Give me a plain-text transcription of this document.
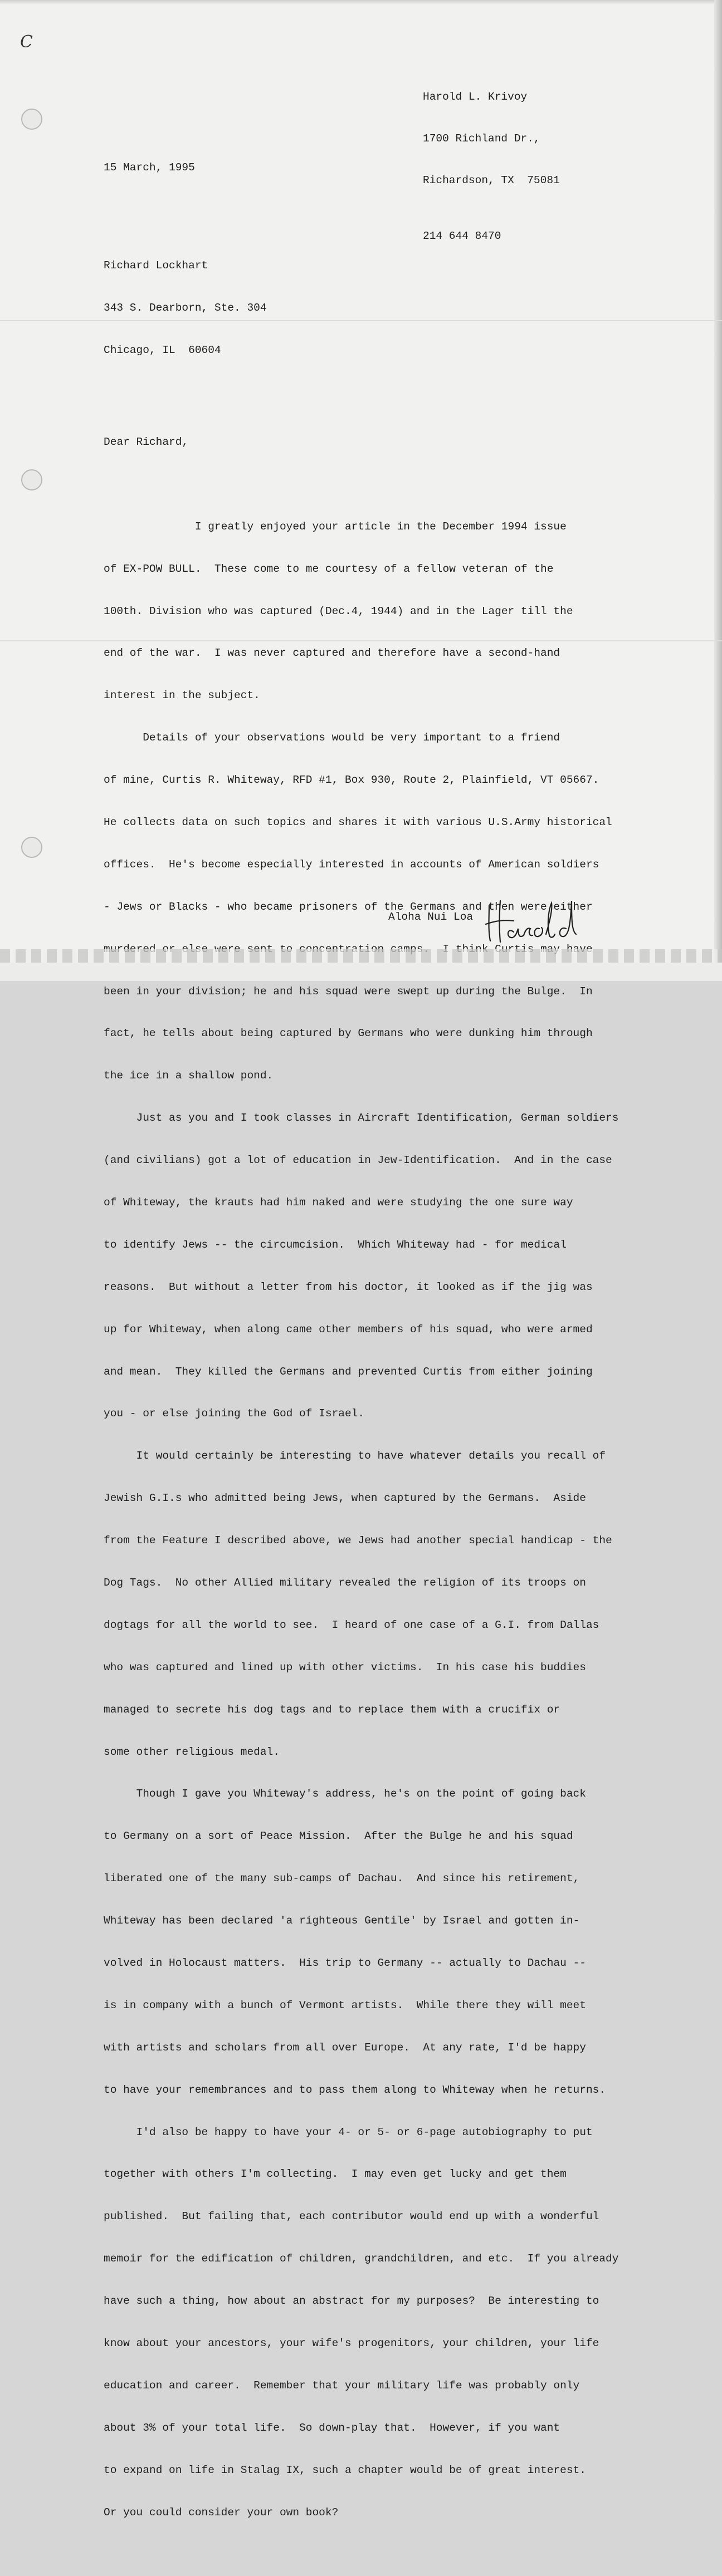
C

Harold L. Krivoy

1700 Richland Dr.,

Richardson, TX  75081

214 644 8470

15 March, 1995

Richard Lockhart

343 S. Dearborn, Ste. 304

Chicago, IL  60604

Dear Richard,

I greatly enjoyed your article in the December 1994 issue

of EX-POW BULL.  These come to me courtesy of a fellow veteran of the

100th. Division who was captured (Dec.4, 1944) and in the Lager till the

end of the war.  I was never captured and therefore have a second-hand

interest in the subject.

Details of your observations would be very important to a friend

of mine, Curtis R. Whiteway, RFD #1, Box 930, Route 2, Plainfield, VT 05667.

He collects data on such topics and shares it with various U.S.Army historical

offices.  He's become especially interested in accounts of American soldiers

- Jews or Blacks - who became prisoners of the Germans and then were either

been in your division; he and his squad were swept up during the Bulge.  In

fact, he tells about being captured by Germans who were dunking him through

the ice in a shallow pond.

Just as you and I took classes in Aircraft Identification, German soldiers

(and civilians) got a lot of education in Jew-Identification.  And in the case

of Whiteway, the krauts had him naked and were studying the one sure way

to identify Jews -- the circumcision.  Which Whiteway had - for medical

reasons.  But without a letter from his doctor, it looked as if the jig was

up for Whiteway, when along came other members of his squad, who were armed

and mean.  They killed the Germans and prevented Curtis from either joining

you - or else joining the God of Israel.

It would certainly be interesting to have whatever details you recall of

Jewish G.I.s who admitted being Jews, when captured by the Germans.  Aside

from the Feature I described above, we Jews had another special handicap - the

Dog Tags.  No other Allied military revealed the religion of its troops on

dogtags for all the world to see.  I heard of one case of a G.I. from Dallas

who was captured and lined up with other victims.  In his case his buddies

managed to secrete his dog tags and to replace them with a crucifix or

some other religious medal.

Though I gave you Whiteway's address, he's on the point of going back

to Germany on a sort of Peace Mission.  After the Bulge he and his squad

liberated one of the many sub-camps of Dachau.  And since his retirement,

Whiteway has been declared 'a righteous Gentile' by Israel and gotten in-

volved in Holocaust matters.  His trip to Germany -- actually to Dachau --

is in company with a bunch of Vermont artists.  While there they will meet

with artists and scholars from all over Europe.  At any rate, I'd be happy

to have your remembrances and to pass them along to Whiteway when he returns.

I'd also be happy to have your 4- or 5- or 6-page autobiography to put

together with others I'm collecting.  I may even get lucky and get them

published.  But failing that, each contributor would end up with a wonderful

memoir for the edification of children, grandchildren, and etc.  If you already

have such a thing, how about an abstract for my purposes?  Be interesting to

know about your ancestors, your wife's progenitors, your children, your life

education and career.  Remember that your military life was probably only

about 3% of your total life.  So down-play that.  However, if you want

to expand on life in Stalag IX, such a chapter would be of great interest.

Or you could consider your own book?

Aloha Nui Loa
